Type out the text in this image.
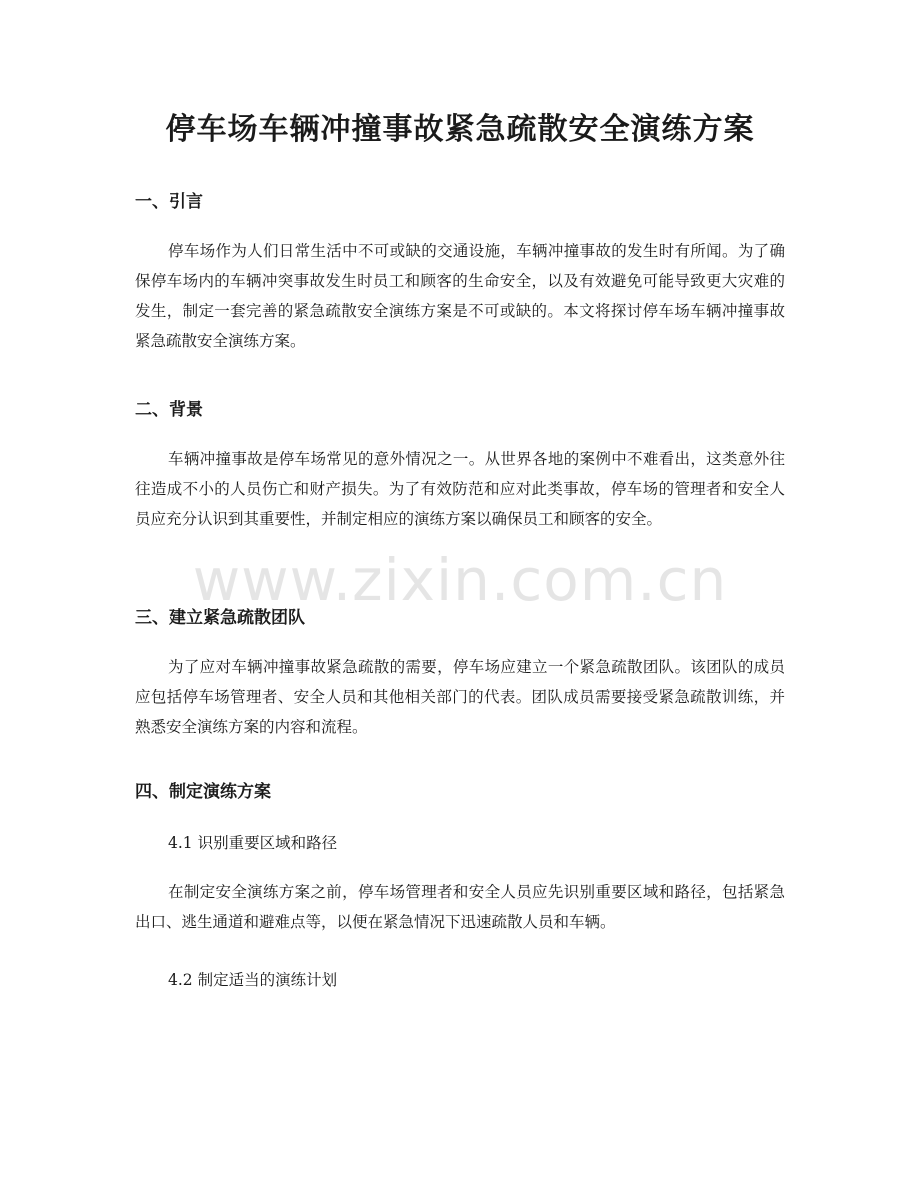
停车场车辆冲撞事故紧急疏散安全演练方案
一、引言

停车场作为人们日常生活中不可或缺的交通设施，车辆冲撞事故的发生时有所闻。为了确保停车场内的车辆冲突事故发生时员工和顾客的生命安全，以及有效避免可能导致更大灾难的发生，制定一套完善的紧急疏散安全演练方案是不可或缺的。本文将探讨停车场车辆冲撞事故紧急疏散安全演练方案。

二、背景

车辆冲撞事故是停车场常见的意外情况之一。从世界各地的案例中不难看出，这类意外往往造成不小的人员伤亡和财产损失。为了有效防范和应对此类事故，停车场的管理者和安全人员应充分认识到其重要性，并制定相应的演练方案以确保员工和顾客的安全。

三、建立紧急疏散团队

为了应对车辆冲撞事故紧急疏散的需要，停车场应建立一个紧急疏散团队。该团队的成员应包括停车场管理者、安全人员和其他相关部门的代表。团队成员需要接受紧急疏散训练，并熟悉安全演练方案的内容和流程。

四、制定演练方案
4.1 识别重要区域和路径

在制定安全演练方案之前，停车场管理者和安全人员应先识别重要区域和路径，包括紧急出口、逃生通道和避难点等，以便在紧急情况下迅速疏散人员和车辆。

4.2 制定适当的演练计划
www.zixin.com.cn
